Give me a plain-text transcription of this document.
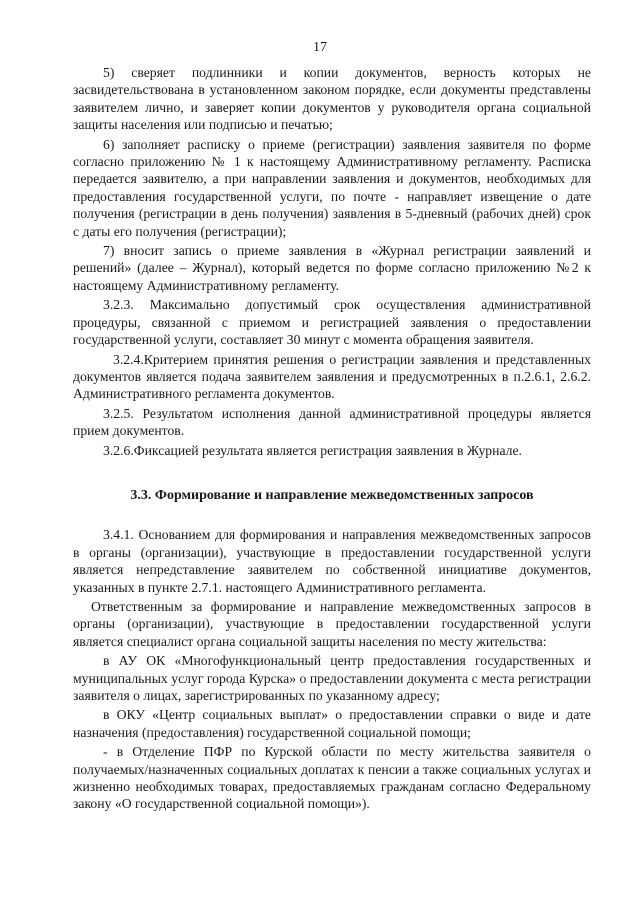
17

5) сверяет подлинники и копии документов, верность которых не засвидетельствована в установленном законом порядке, если документы представлены заявителем лично, и заверяет копии документов у руководителя органа социальной защиты населения или подписью и печатью;

6) заполняет расписку о приеме (регистрации) заявления заявителя по форме согласно приложению № 1 к настоящему Административному регламенту. Расписка передается заявителю, а при направлении заявления и документов, необходимых для предоставления государственной услуги, по почте - направляет извещение о дате получения (регистрации в день получения) заявления в 5-дневный (рабочих дней) срок с даты его получения (регистрации);

7) вносит запись о приеме заявления в «Журнал регистрации заявлений и решений» (далее – Журнал), который ведется по форме согласно приложению №2 к настоящему Административному регламенту.

3.2.3. Максимально допустимый срок осуществления административной процедуры, связанной с приемом и регистрацией заявления о предоставлении государственной услуги, составляет 30 минут с момента обращения заявителя.

3.2.4.Критерием принятия решения о регистрации заявления и представленных документов является подача заявителем заявления и предусмотренных в п.2.6.1, 2.6.2. Административного регламента документов.

3.2.5. Результатом исполнения данной административной процедуры является прием документов.

3.2.6.Фиксацией результата является регистрация заявления в Журнале.

3.3. Формирование и направление межведомственных запросов

3.4.1. Основанием для формирования и направления межведомственных запросов в органы (организации), участвующие в предоставлении государственной услуги является непредставление заявителем по собственной инициативе документов, указанных в пункте 2.7.1. настоящего Административного регламента.

Ответственным за формирование и направление межведомственных запросов в органы (организации), участвующие в предоставлении государственной услуги является специалист органа социальной защиты населения по месту жительства:

в АУ ОК «Многофункциональный центр предоставления государственных и муниципальных услуг города Курска» о предоставлении документа с места регистрации заявителя о лицах, зарегистрированных по указанному адресу;

в ОКУ «Центр социальных выплат» о предоставлении справки о виде и дате назначения (предоставления) государственной социальной помощи;

- в Отделение ПФР по Курской области по месту жительства заявителя о получаемых/назначенных социальных доплатах к пенсии а также социальных услугах и жизненно необходимых товарах, предоставляемых гражданам согласно Федеральному закону «О государственной социальной помощи»).
